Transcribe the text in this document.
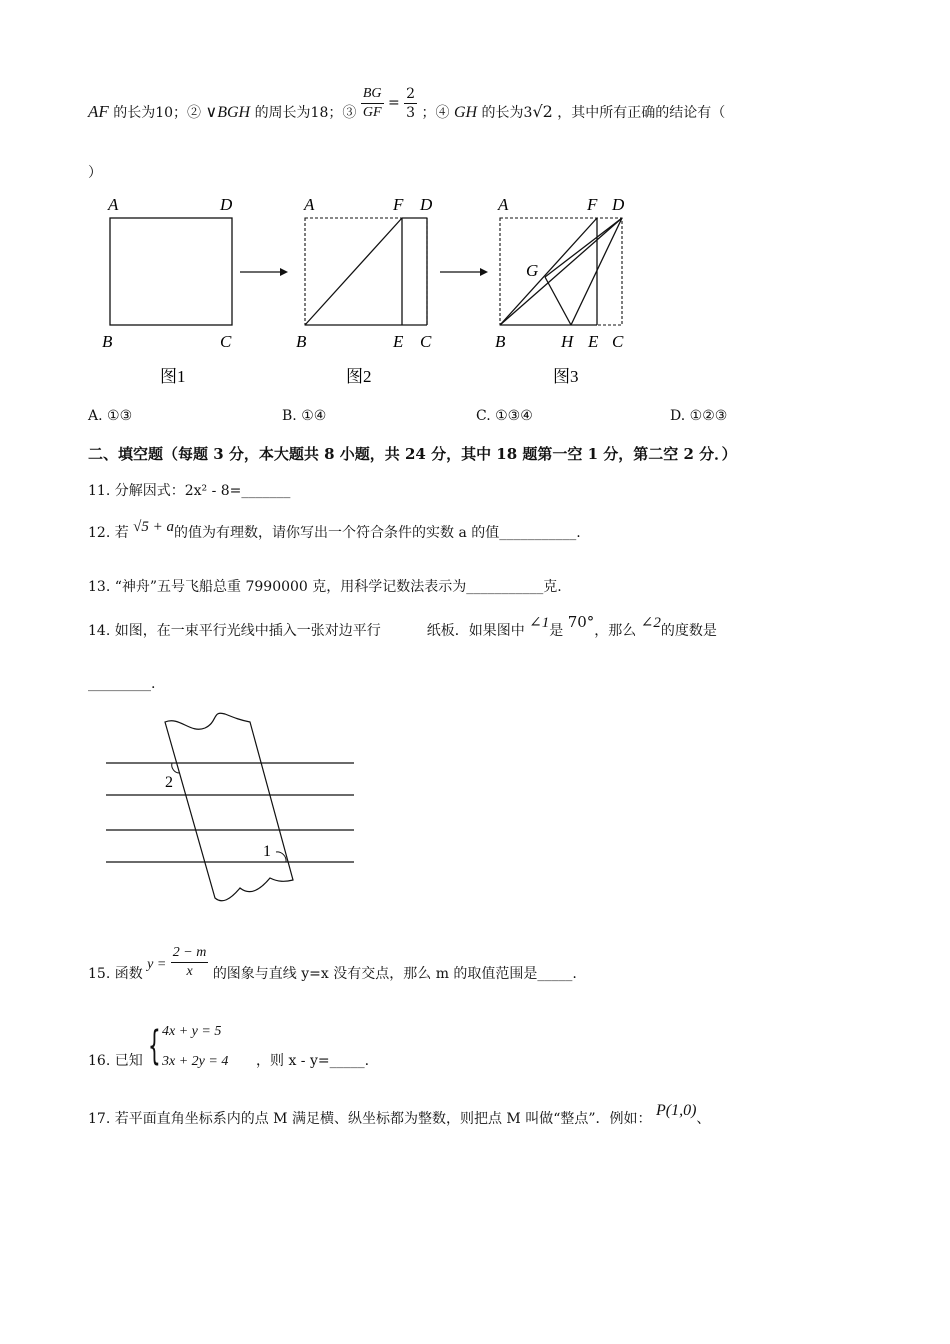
AF 的长为10；② ∨BGH 的周长为18；③ $\frac{BG}{GF} = \frac{2}{3}$ ；④ GH 的长为3√2 ，其中所有正确的结论有（
）
A	D
B	C
图1
A	F D
B	E C
图2
A	F D
G
B	H E C
图3
A. ①③	B. ①④	C. ①③④	D. ①②③
二、填空题（每题 3 分，本大题共 8 小题，共 24 分，其中 18 题第一空 1 分，第二空 2 分．）
11. 分解因式：2x² - 8=_______
12. 若 √5 + a的值为有理数，请你写出一个符合条件的实数 a 的值___________.
13. “神舟”五号飞船总重 7990000 克，用科学记数法表示为___________克.
14. 如图，在一束平行光线中插入一张对边平行	纸板．如果图中 ∠1是 70°，那么 ∠2的度数是
_________.
2
1
15. 函数 $y = \frac{2 - m}{x}$ 的图象与直线 y=x 没有交点，那么 m 的取值范围是_____.
16. 已知 { 4x + y = 5
3x + 2y = 4 ，则 x - y=_____.
17. 若平面直角坐标系内的点 M 满足横、纵坐标都为整数，则把点 M 叫做“整点”．例如： P(1,0)、
